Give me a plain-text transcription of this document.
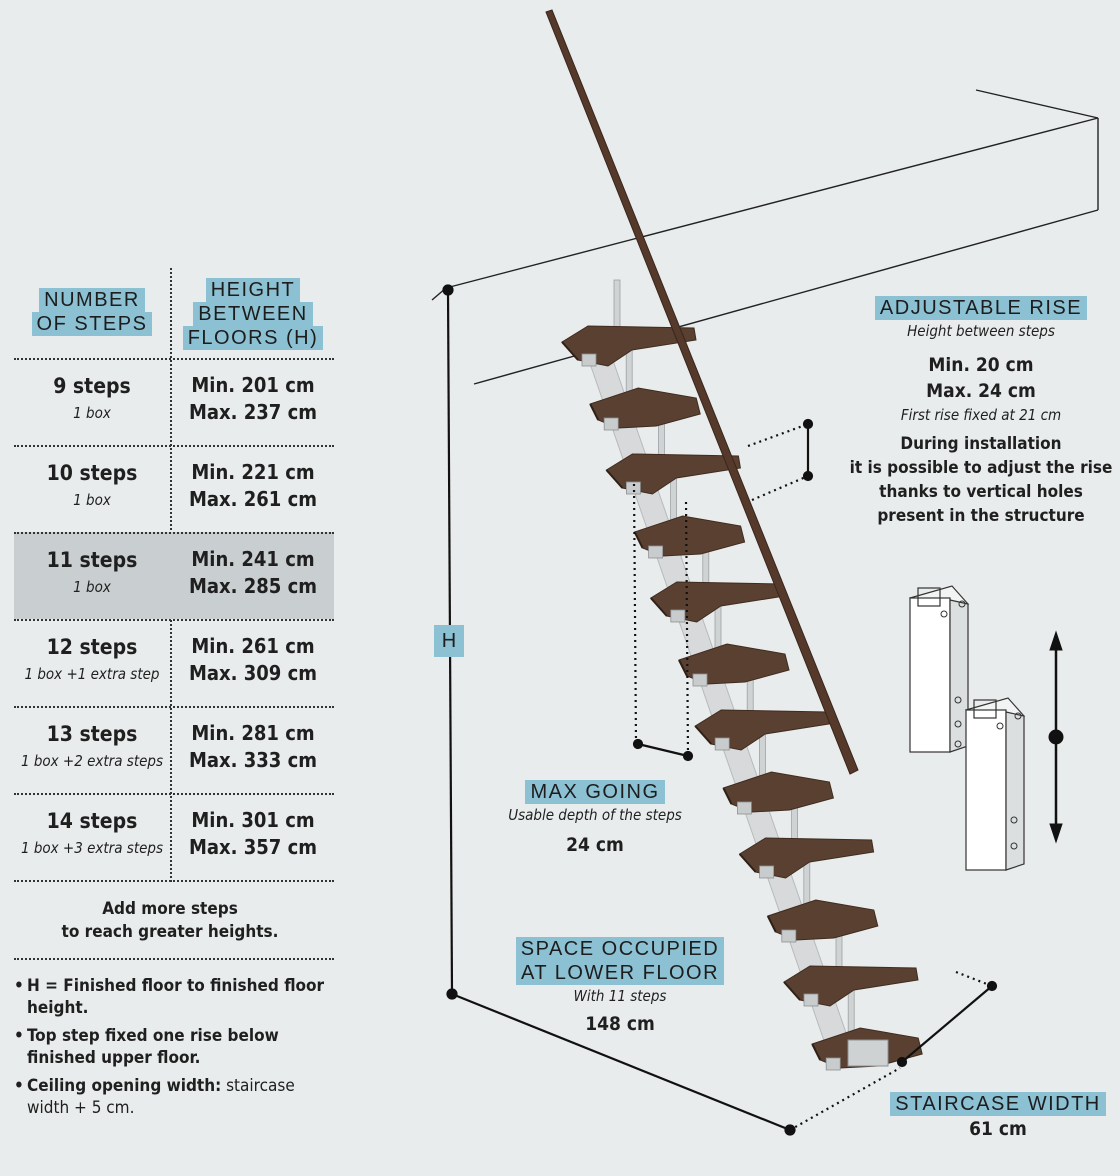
NUMBER
OF STEPS
HEIGHT
BETWEEN
FLOORS (H)
9 steps
1 box
Min. 201 cm
Max. 237 cm
10 steps
1 box
Min. 221 cm
Max. 261 cm
11 steps
1 box
Min. 241 cm
Max. 285 cm
12 steps
1 box +1 extra step
Min. 261 cm
Max. 309 cm
13 steps
1 box +2 extra steps
Min. 281 cm
Max. 333 cm
14 steps
1 box +3 extra steps
Min. 301 cm
Max. 357 cm
Add more steps
to reach greater heights.
• H = Finished floor to finished floor height.
• Top step fixed one rise below finished upper floor.
• Ceiling opening width: staircase width + 5 cm.
H
ADJUSTABLE RISE
Height between steps
Min. 20 cm
Max. 24 cm
First rise fixed at 21 cm
During installation
it is possible to adjust the rise
thanks to vertical holes
present in the structure
MAX GOING
Usable depth of the steps
24 cm
SPACE OCCUPIED
AT LOWER FLOOR
With 11 steps
148 cm
STAIRCASE WIDTH
61 cm
